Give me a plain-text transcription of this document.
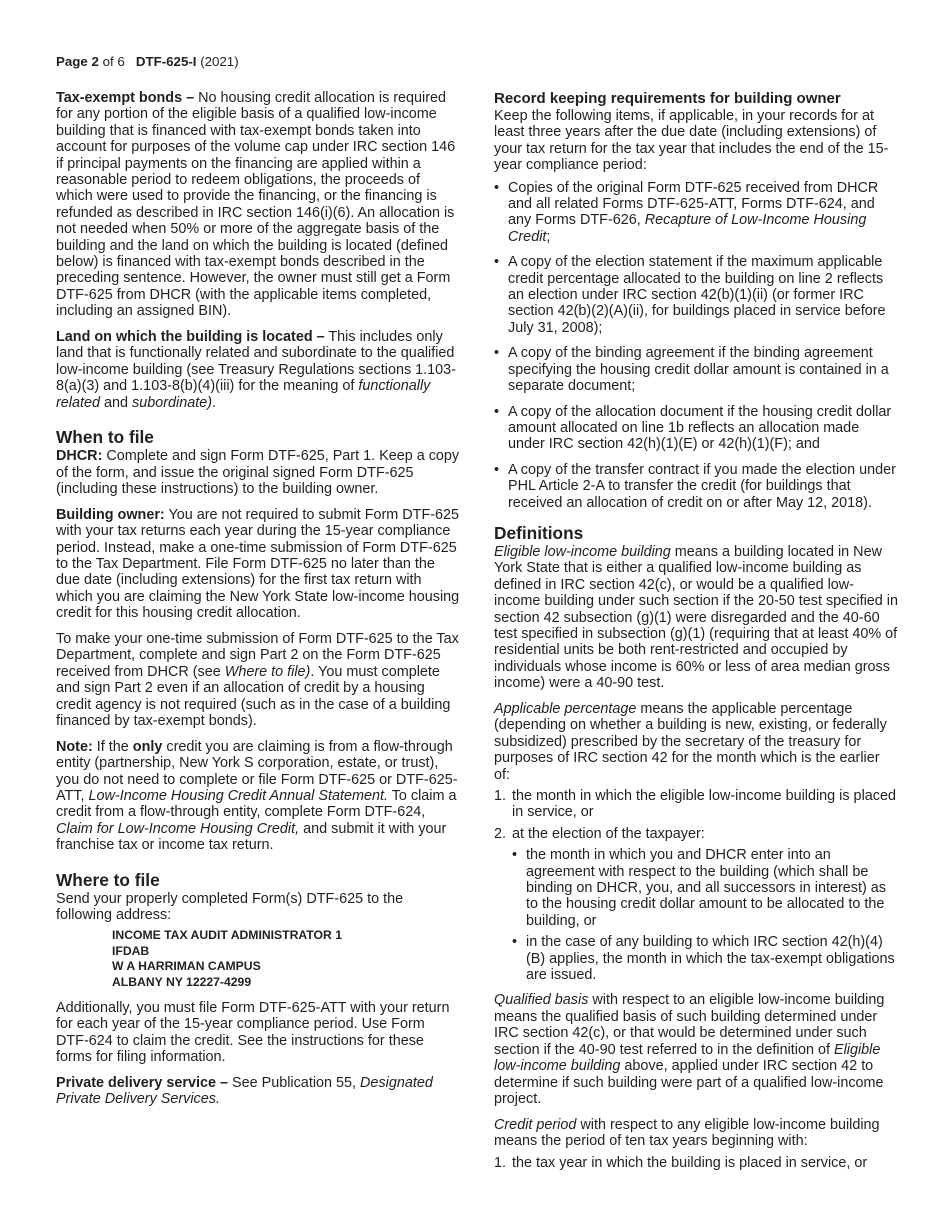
Page 2 of 6 DTF-625-I (2021)

Tax-exempt bonds – No housing credit allocation is required for any portion of the eligible basis of a qualified low-income building that is financed with tax-exempt bonds taken into account for purposes of the volume cap under IRC section 146 if principal payments on the financing are applied within a reasonable period to redeem obligations, the proceeds of which were used to provide the financing, or the financing is refunded as described in IRC section 146(i)(6). An allocation is not needed when 50% or more of the aggregate basis of the building and the land on which the building is located (defined below) is financed with tax-exempt bonds described in the preceding sentence. However, the owner must still get a Form DTF-625 from DHCR (with the applicable items completed, including an assigned BIN).

Land on which the building is located – This includes only land that is functionally related and subordinate to the qualified low-income building (see Treasury Regulations sections 1.103-8(a)(3) and 1.103-8(b)(4)(iii) for the meaning of functionally related and subordinate).

When to file

DHCR: Complete and sign Form DTF-625, Part 1. Keep a copy of the form, and issue the original signed Form DTF-625 (including these instructions) to the building owner.

Building owner: You are not required to submit Form DTF-625 with your tax returns each year during the 15-year compliance period. Instead, make a one-time submission of Form DTF-625 to the Tax Department. File Form DTF-625 no later than the due date (including extensions) for the first tax return with which you are claiming the New York State low-income housing credit for this housing credit allocation.

To make your one-time submission of Form DTF-625 to the Tax Department, complete and sign Part 2 on the Form DTF-625 received from DHCR (see Where to file). You must complete and sign Part 2 even if an allocation of credit by a housing credit agency is not required (such as in the case of a building financed by tax-exempt bonds).

Note: If the only credit you are claiming is from a flow-through entity (partnership, New York S corporation, estate, or trust), you do not need to complete or file Form DTF-625 or DTF-625-ATT, Low-Income Housing Credit Annual Statement. To claim a credit from a flow-through entity, complete Form DTF-624, Claim for Low-Income Housing Credit, and submit it with your franchise tax or income tax return.

Where to file

Send your properly completed Form(s) DTF-625 to the following address:

INCOME TAX AUDIT ADMINISTRATOR 1
IFDAB
W A HARRIMAN CAMPUS
ALBANY NY 12227-4299

Additionally, you must file Form DTF-625-ATT with your return for each year of the 15-year compliance period. Use Form DTF-624 to claim the credit. See the instructions for these forms for filing information.

Private delivery service – See Publication 55, Designated Private Delivery Services.

Record keeping requirements for building owner

Keep the following items, if applicable, in your records for at least three years after the due date (including extensions) of your tax return for the tax year that includes the end of the 15-year compliance period:

• Copies of the original Form DTF-625 received from DHCR and all related Forms DTF-625-ATT, Forms DTF-624, and any Forms DTF-626, Recapture of Low-Income Housing Credit;
• A copy of the election statement if the maximum applicable credit percentage allocated to the building on line 2 reflects an election under IRC section 42(b)(1)(ii) (or former IRC section 42(b)(2)(A)(ii), for buildings placed in service before July 31, 2008);
• A copy of the binding agreement if the binding agreement specifying the housing credit dollar amount is contained in a separate document;
• A copy of the allocation document if the housing credit dollar amount allocated on line 1b reflects an allocation made under IRC section 42(h)(1)(E) or 42(h)(1)(F); and
• A copy of the transfer contract if you made the election under PHL Article 2-A to transfer the credit (for buildings that received an allocation of credit on or after May 12, 2018).
Definitions

Eligible low-income building means a building located in New York State that is either a qualified low-income building as defined in IRC section 42(c), or would be a qualified low-income building under such section if the 20-50 test specified in section 42 subsection (g)(1) were disregarded and the 40-60 test specified in subsection (g)(1) (requiring that at least 40% of residential units be both rent-restricted and occupied by individuals whose income is 60% or less of area median gross income) were a 40-90 test.

Applicable percentage means the applicable percentage (depending on whether a building is new, existing, or federally subsidized) prescribed by the secretary of the treasury for purposes of IRC section 42 for the month which is the earlier of:

1. the month in which the eligible low-income building is placed in service, or
2. at the election of the taxpayer:
• the month in which you and DHCR enter into an agreement with respect to the building (which shall be binding on DHCR, you, and all successors in interest) as to the housing credit dollar amount to be allocated to the building, or
• in the case of any building to which IRC section 42(h)(4)(B) applies, the month in which the tax-exempt obligations are issued.

Qualified basis with respect to an eligible low-income building means the qualified basis of such building determined under IRC section 42(c), or that would be determined under such section if the 40-90 test referred to in the definition of Eligible low-income building above, applied under IRC section 42 to determine if such building were part of a qualified low-income project.

Credit period with respect to any eligible low-income building means the period of ten tax years beginning with:

1. the tax year in which the building is placed in service, or
